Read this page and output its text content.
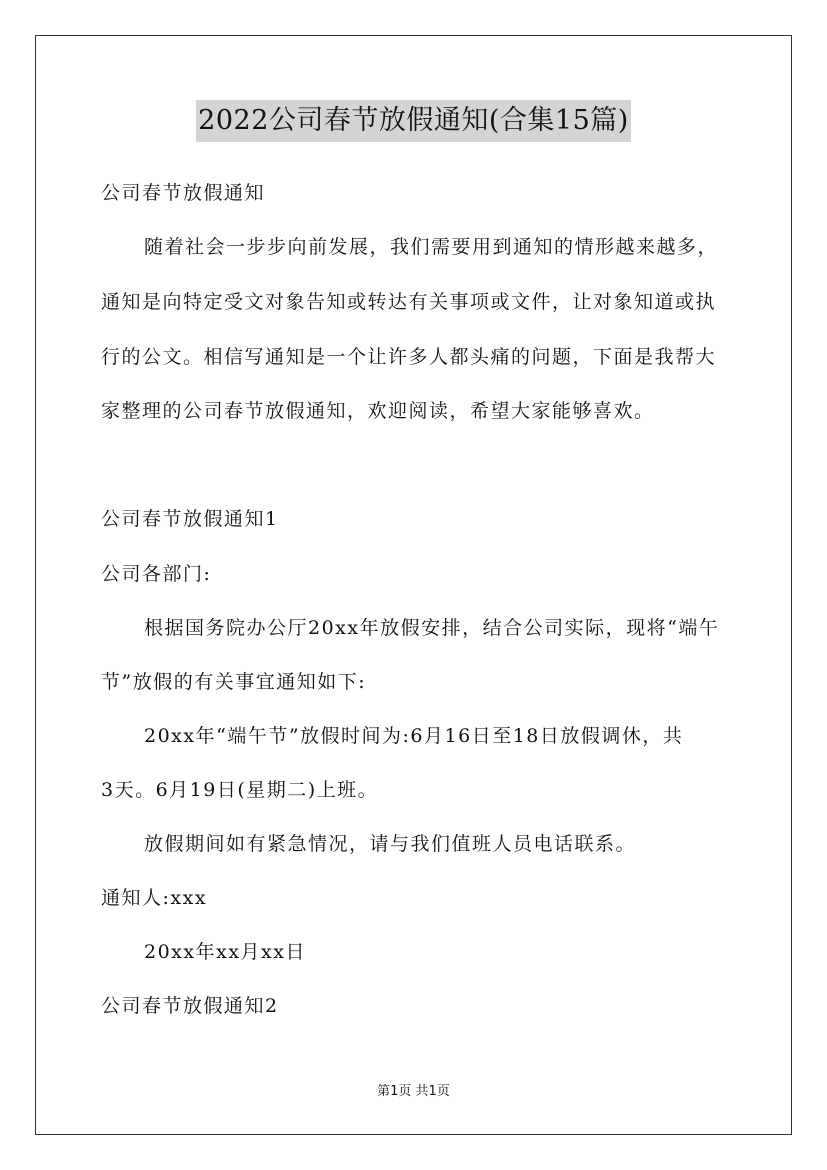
2022公司春节放假通知(合集15篇)
公司春节放假通知
随着社会一步步向前发展，我们需要用到通知的情形越来越多，
通知是向特定受文对象告知或转达有关事项或文件，让对象知道或执
行的公文。相信写通知是一个让许多人都头痛的问题，下面是我帮大
家整理的公司春节放假通知，欢迎阅读，希望大家能够喜欢。
公司春节放假通知1
公司各部门:
根据国务院办公厅20xx年放假安排，结合公司实际，现将“端午
节”放假的有关事宜通知如下:
20xx年“端午节”放假时间为:6月16日至18日放假调休，共
3天。6月19日(星期二)上班。
放假期间如有紧急情况，请与我们值班人员电话联系。
通知人:xxx
20xx年xx月xx日
公司春节放假通知2
第1页 共1页
